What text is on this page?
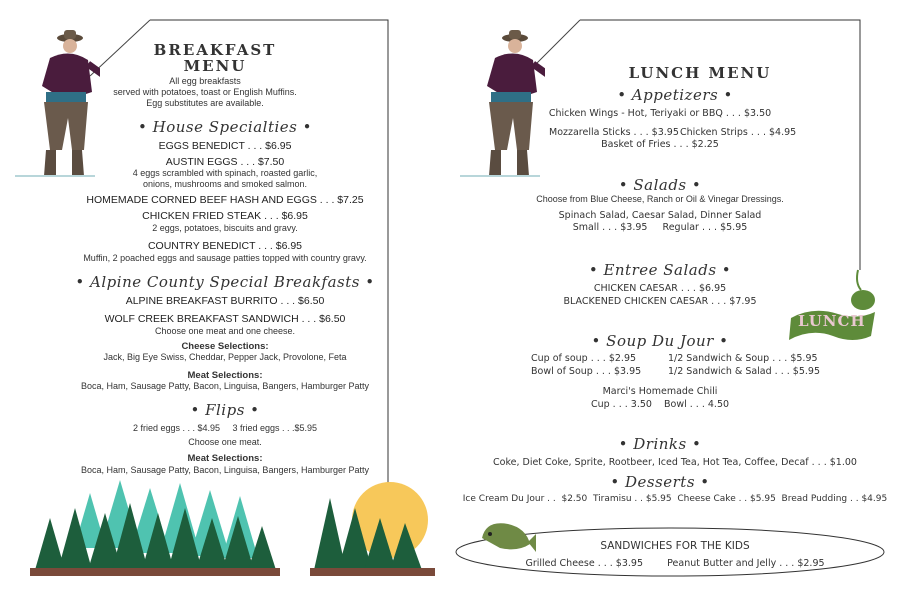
BREAKFAST
MENU
All egg breakfasts
served with potatoes, toast or English Muffins.
Egg substitutes are available.
• House Specialties •
EGGS BENEDICT . . . $6.95
AUSTIN EGGS . . . $7.50
4 eggs scrambled with spinach, roasted garlic,
onions, mushrooms and smoked salmon.
HOMEMADE CORNED BEEF HASH AND EGGS . . . $7.25
CHICKEN FRIED STEAK . . . $6.95
2 eggs, potatoes, biscuits and gravy.
COUNTRY BENEDICT . . . $6.95
Muffin, 2 poached eggs and sausage patties topped with country gravy.
• Alpine County Special Breakfasts •
ALPINE BREAKFAST BURRITO . . . $6.50
WOLF CREEK BREAKFAST SANDWICH . . . $6.50
Choose one meat and one cheese.
Cheese Selections:
Jack, Big Eye Swiss, Cheddar, Pepper Jack, Provolone, Feta
Meat Selections:
Boca, Ham, Sausage Patty, Bacon, Linguisa, Bangers, Hamburger Patty
• Flips •
2 fried eggs . . . $4.95     3 fried eggs . . .$5.95
Choose one meat.
Meat Selections:
Boca, Ham, Sausage Patty, Bacon, Linguisa, Bangers, Hamburger Patty
LUNCH MENU
• Appetizers •
Chicken Wings - Hot, Teriyaki or BBQ . . . $3.50
Mozzarella Sticks . . . $3.95 Chicken Strips . . . $4.95
Basket of Fries . . . $2.25
• Salads •
Choose from Blue Cheese, Ranch or Oil & Vinegar Dressings.
Spinach Salad, Caesar Salad, Dinner Salad
Small . . . $3.95     Regular . . . $5.95
• Entree Salads •
CHICKEN CAESAR . . . $6.95
BLACKENED CHICKEN CAESAR . . . $7.95
LUNCH
• Soup Du Jour •
Cup of soup . . . $2.95
Bowl of Soup . . . $3.95
1/2 Sandwich & Soup . . . $5.95
1/2 Sandwich & Salad . . . $5.95
Marci's Homemade Chili
Cup . . . 3.50    Bowl . . . 4.50
• Drinks •
Coke, Diet Coke, Sprite, Rootbeer, Iced Tea, Hot Tea, Coffee, Decaf . . . $1.00
• Desserts •
Ice Cream Du Jour . .  $2.50  Tiramisu . . $5.95  Cheese Cake . . $5.95  Bread Pudding . . $4.95
SANDWICHES FOR THE KIDS
Grilled Cheese . . . $3.95        Peanut Butter and Jelly . . . $2.95
